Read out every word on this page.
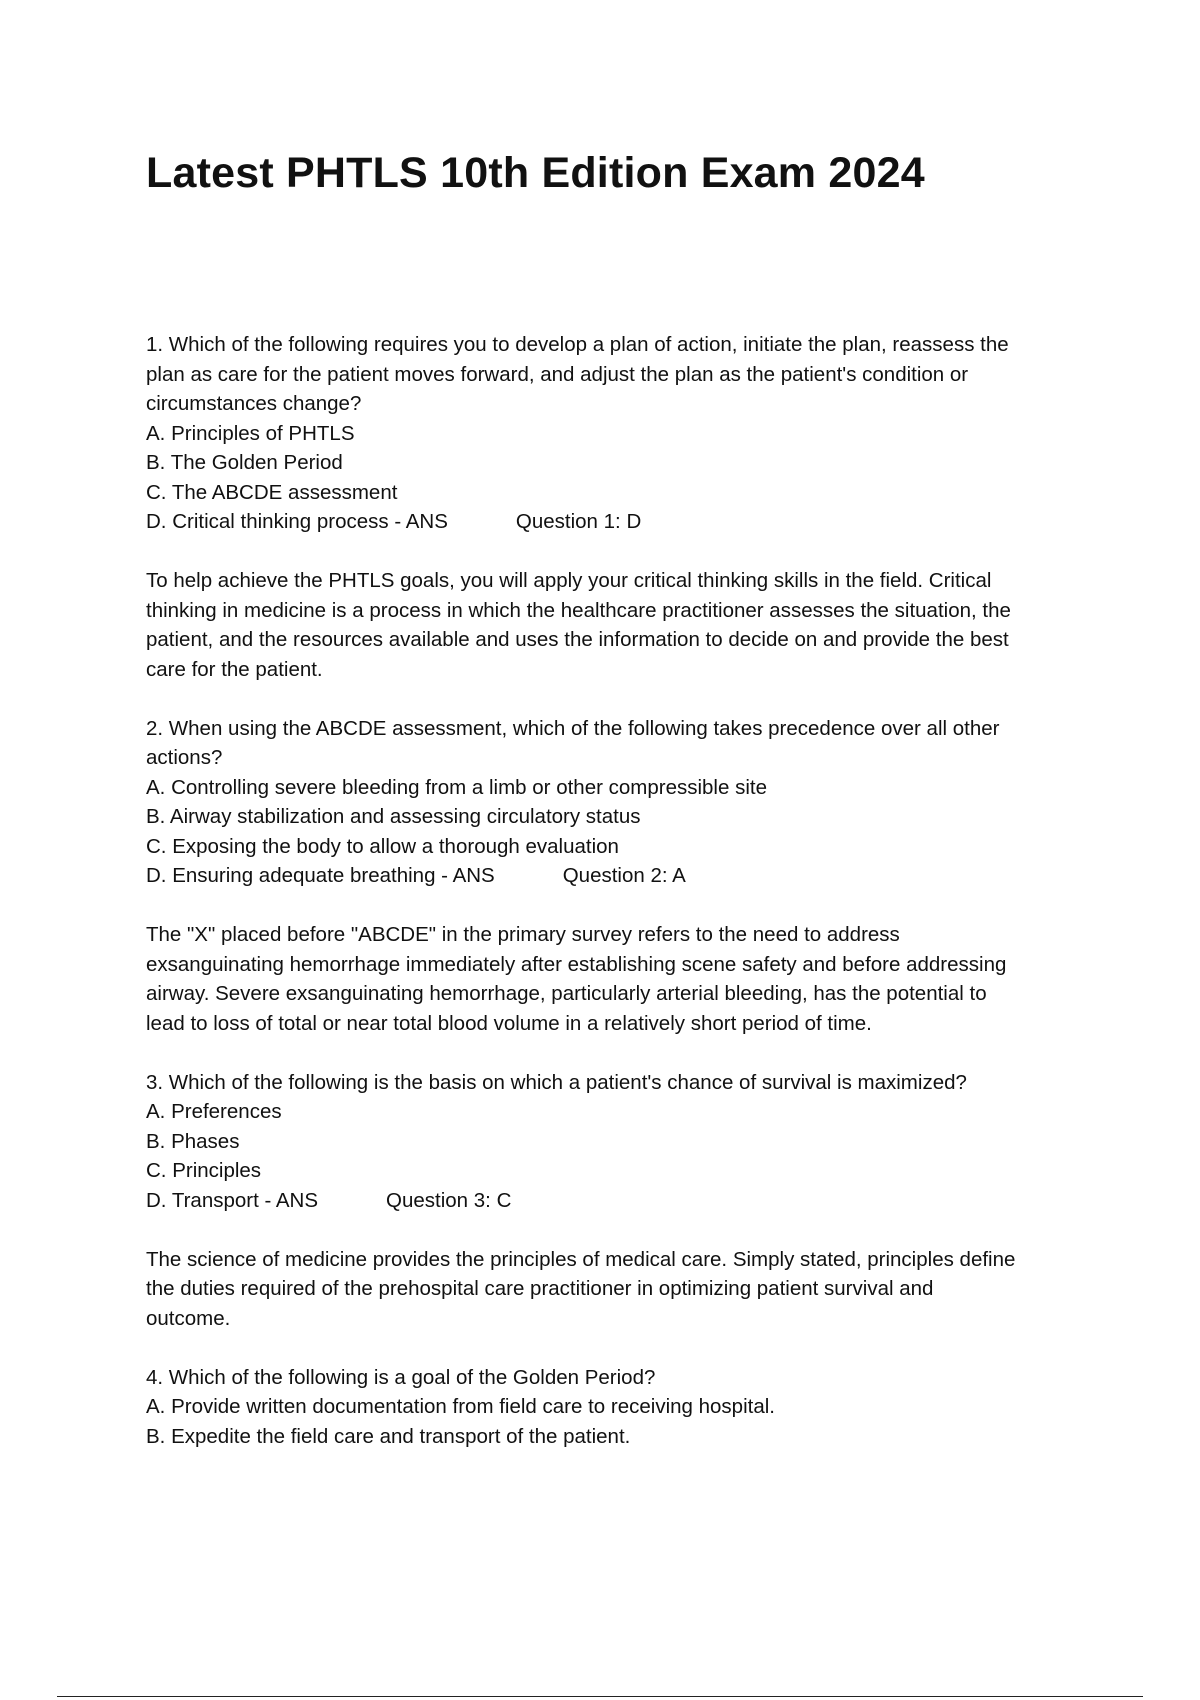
Latest PHTLS 10th Edition Exam 2024
1. Which of the following requires you to develop a plan of action, initiate the plan, reassess the
plan as care for the patient moves forward, and adjust the plan as the patient's condition or
circumstances change?
A. Principles of PHTLS
B. The Golden Period
C. The ABCDE assessment
D. Critical thinking process - ANS	Question 1: D
To help achieve the PHTLS goals, you will apply your critical thinking skills in the field. Critical
thinking in medicine is a process in which the healthcare practitioner assesses the situation, the
patient, and the resources available and uses the information to decide on and provide the best
care for the patient.
2. When using the ABCDE assessment, which of the following takes precedence over all other
actions?
A. Controlling severe bleeding from a limb or other compressible site
B. Airway stabilization and assessing circulatory status
C. Exposing the body to allow a thorough evaluation
D. Ensuring adequate breathing - ANS	Question 2: A
The "X" placed before "ABCDE" in the primary survey refers to the need to address
exsanguinating hemorrhage immediately after establishing scene safety and before addressing
airway. Severe exsanguinating hemorrhage, particularly arterial bleeding, has the potential to
lead to loss of total or near total blood volume in a relatively short period of time.
3. Which of the following is the basis on which a patient's chance of survival is maximized?
A. Preferences
B. Phases
C. Principles
D. Transport - ANS	Question 3: C
The science of medicine provides the principles of medical care. Simply stated, principles define
the duties required of the prehospital care practitioner in optimizing patient survival and
outcome.
4. Which of the following is a goal of the Golden Period?
A. Provide written documentation from field care to receiving hospital.
B. Expedite the field care and transport of the patient.
